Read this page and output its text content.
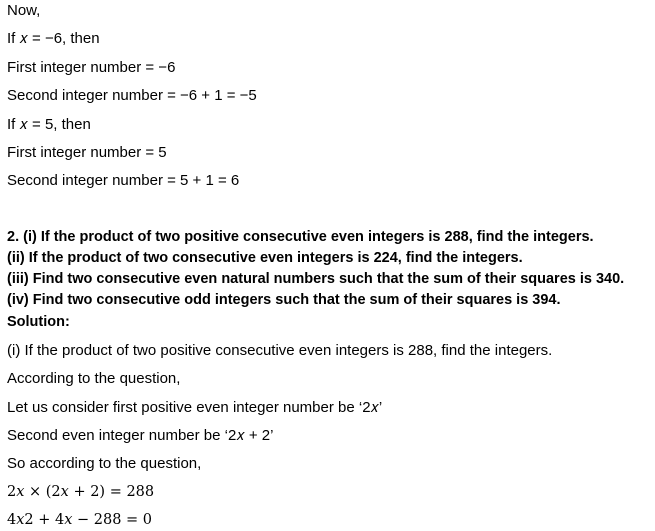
Now,
If 𝑥 = −6, then
First integer number = −6
Second integer number = −6 + 1 = −5
If 𝑥 = 5, then
First integer number = 5
Second integer number = 5 + 1 = 6
2. (i) If the product of two positive consecutive even integers is 288, find the integers.
(ii) If the product of two consecutive even integers is 224, find the integers.
(iii) Find two consecutive even natural numbers such that the sum of their squares is 340.
(iv) Find two consecutive odd integers such that the sum of their squares is 394.
Solution:
(i) If the product of two positive consecutive even integers is 288, find the integers.
According to the question,
Let us consider first positive even integer number be ‘2𝑥’
Second even integer number be ‘2𝑥 + 2’
So according to the question,
2𝑥 × (2𝑥 + 2) = 288
4𝑥2 + 4𝑥 − 288 = 0
